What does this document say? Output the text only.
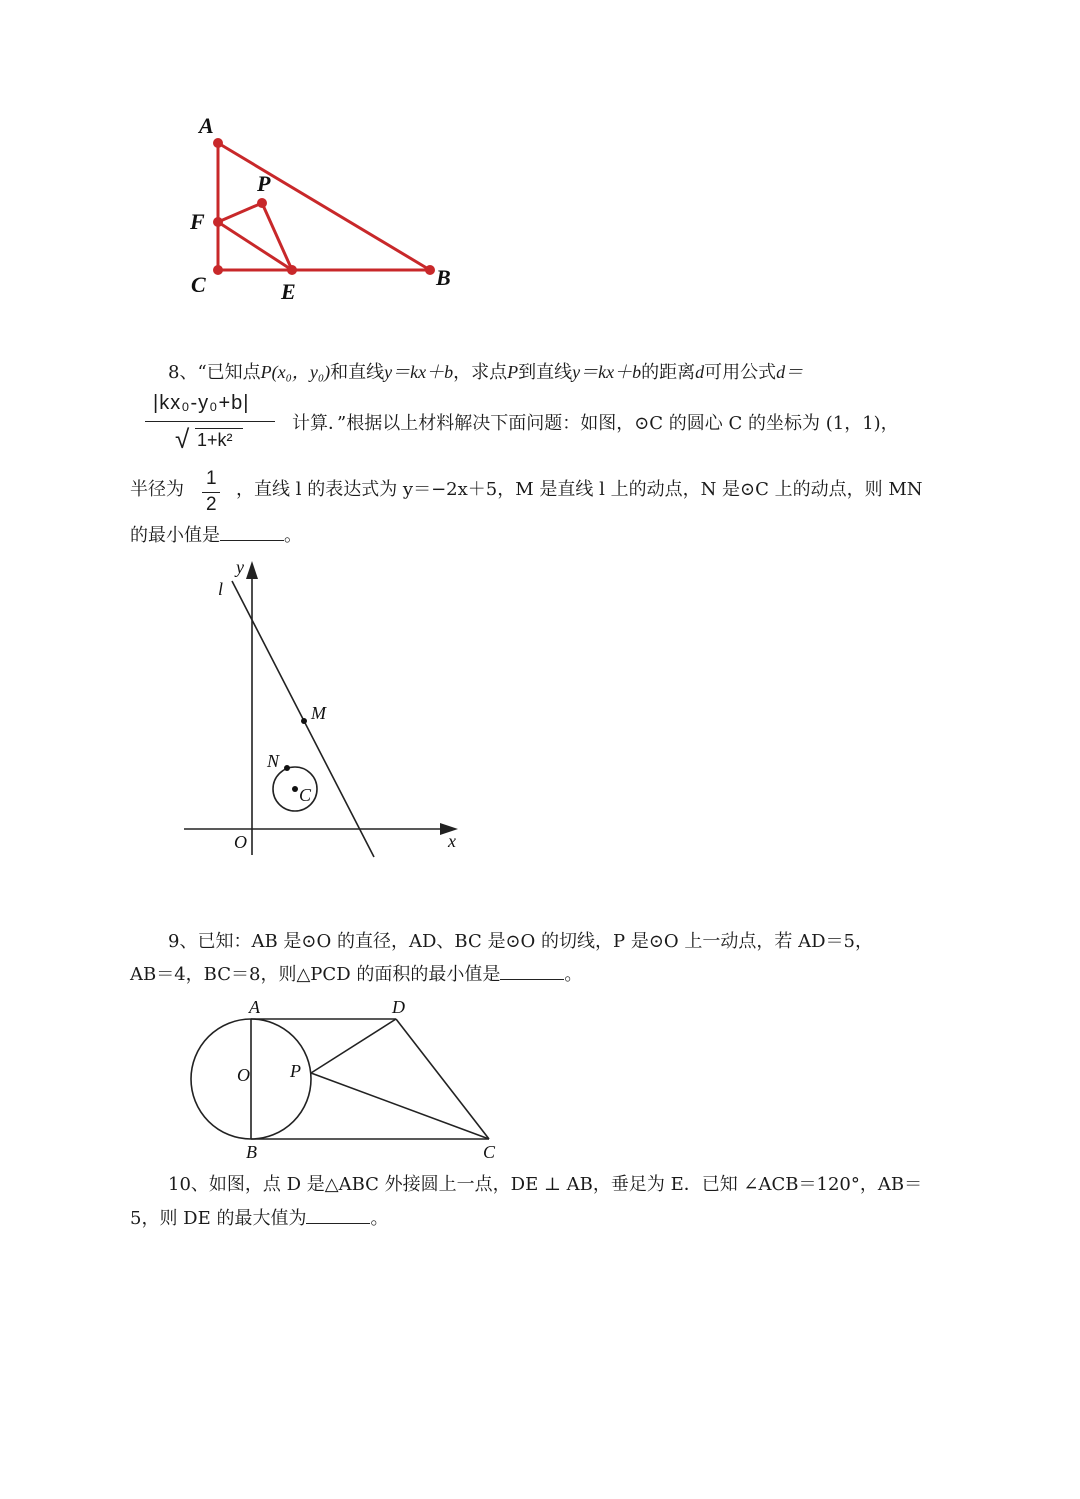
A
P
F
C	E
B
8、“已知点P(x₀，y₀)和直线y＝kx＋b，求点P到直线y＝kx＋b的距离d可用公式d＝
|kx₀-y₀+b|
√ 1+k²
计算．”根据以上材料解决下面问题：如图，⊙C 的圆心 C 的坐标为 (1，1)，
半径为
1
2
，直线 l 的表达式为 y＝−2x＋5，M 是直线 l 上的动点，N 是⊙C 上的动点，则 MN
的最小值是	。
y
l
M
N
C
O	x
9、已知：AB 是⊙O 的直径，AD、BC 是⊙O 的切线，P 是⊙O 上一动点，若 AD＝5，
AB＝4，BC＝8，则△PCD 的面积的最小值是	。
A	D
O P
B	C
10、如图，点 D 是△ABC 外接圆上一点，DE ⊥ AB，垂足为 E．已知 ∠ACB＝120°，AB＝
5，则 DE 的最大值为	。
